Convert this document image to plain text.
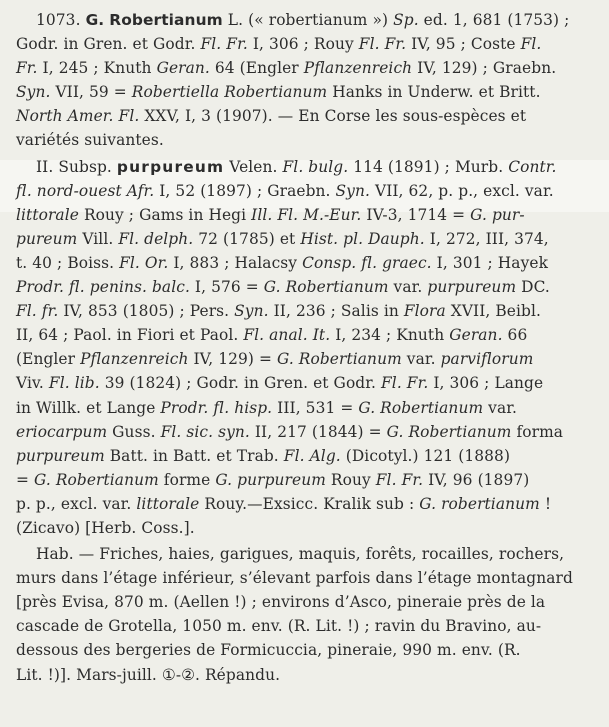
1073. G. Robertianum L. (« robertianum ») Sp. ed. 1, 681 (1753) ;
Godr. in Gren. et Godr. Fl. Fr. I, 306 ; Rouy Fl. Fr. IV, 95 ; Coste Fl.
Fr. I, 245 ; Knuth Geran. 64 (Engler Pflanzenreich IV, 129) ; Graebn.
Syn. VII, 59 = Robertiella Robertianum Hanks in Underw. et Britt.
North Amer. Fl. XXV, I, 3 (1907). — En Corse les sous-espèces et
variétés suivantes.
II. Subsp. purpureum Velen. Fl. bulg. 114 (1891) ; Murb. Contr.
fl. nord-ouest Afr. I, 52 (1897) ; Graebn. Syn. VII, 62, p. p., excl. var.
littorale Rouy ; Gams in Hegi Ill. Fl. M.-Eur. IV-3, 1714 = G. pur-
pureum Vill. Fl. delph. 72 (1785) et Hist. pl. Dauph. I, 272, III, 374,
t. 40 ; Boiss. Fl. Or. I, 883 ; Halacsy Consp. fl. graec. I, 301 ; Hayek
Prodr. fl. penins. balc. I, 576 = G. Robertianum var. purpureum DC.
Fl. fr. IV, 853 (1805) ; Pers. Syn. II, 236 ; Salis in Flora XVII, Beibl.
II, 64 ; Paol. in Fiori et Paol. Fl. anal. It. I, 234 ; Knuth Geran. 66
(Engler Pflanzenreich IV, 129) = G. Robertianum var. parviflorum
Viv. Fl. lib. 39 (1824) ; Godr. in Gren. et Godr. Fl. Fr. I, 306 ; Lange
in Willk. et Lange Prodr. fl. hisp. III, 531 = G. Robertianum var.
eriocarpum Guss. Fl. sic. syn. II, 217 (1844) = G. Robertianum forma
purpureum Batt. in Batt. et Trab. Fl. Alg. (Dicotyl.) 121 (1888)
= G. Robertianum forme G. purpureum Rouy Fl. Fr. IV, 96 (1897)
p. p., excl. var. littorale Rouy.—Exsicc. Kralik sub : G. robertianum !
(Zicavo) [Herb. Coss.].
Hab. — Friches, haies, garigues, maquis, forêts, rocailles, rochers,
murs dans l’étage inférieur, s’élevant parfois dans l’étage montagnard
[près Evisa, 870 m. (Aellen !) ; environs d’Asco, pineraie près de la
cascade de Grotella, 1050 m. env. (R. Lit. !) ; ravin du Bravino, au-
dessous des bergeries de Formicuccia, pineraie, 990 m. env. (R.
Lit. !)]. Mars-juill. ①-②. Répandu.
